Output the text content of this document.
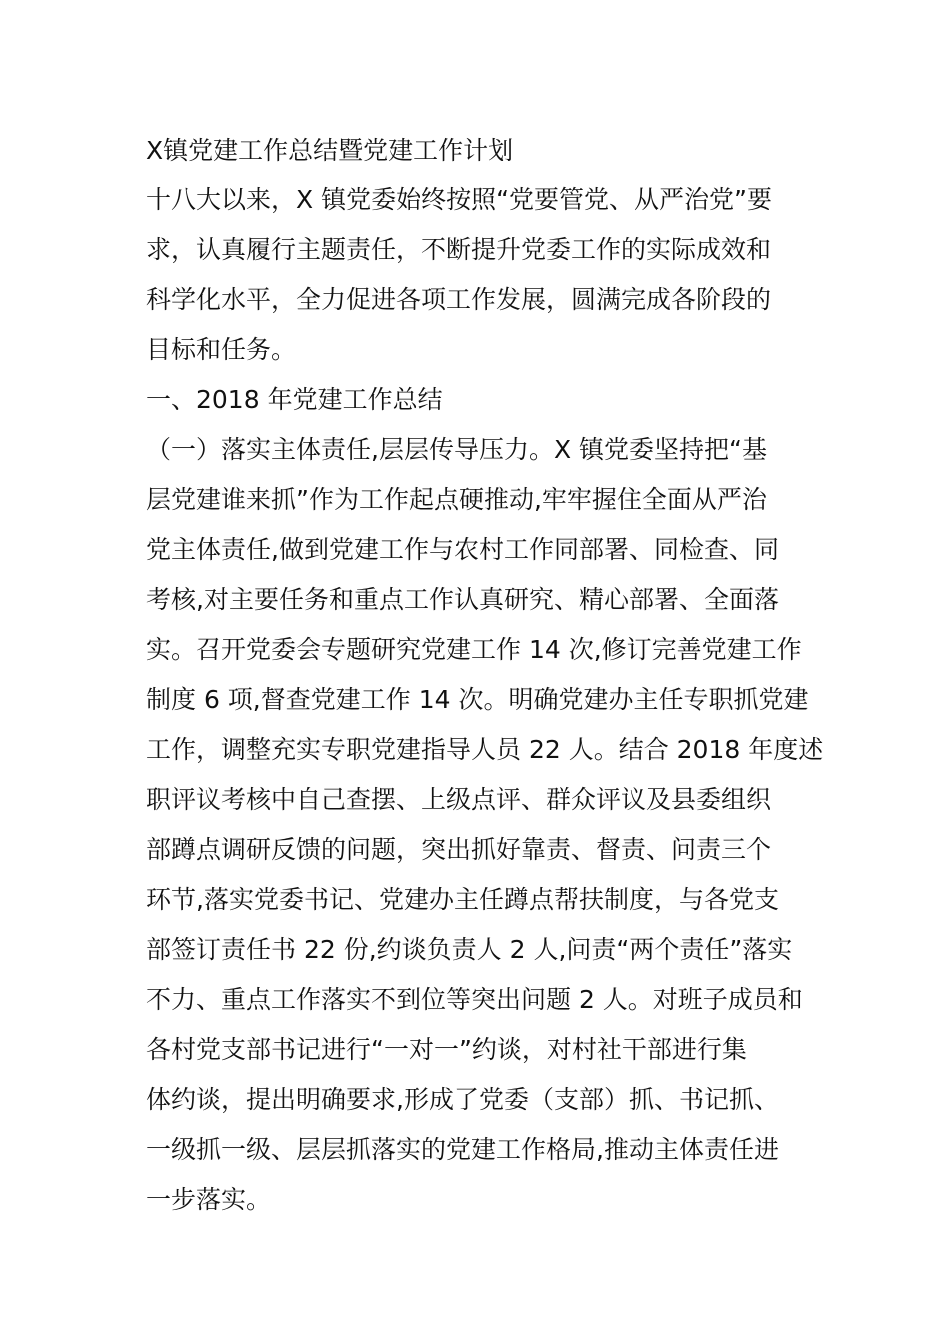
X镇党建工作总结暨党建工作计划
十八大以来，X 镇党委始终按照“党要管党、从严治党”要
求，认真履行主题责任，不断提升党委工作的实际成效和
科学化水平，全力促进各项工作发展，圆满完成各阶段的
目标和任务。
一、2018 年党建工作总结
（一）落实主体责任,层层传导压力。X 镇党委坚持把“基
层党建谁来抓”作为工作起点硬推动,牢牢握住全面从严治
党主体责任,做到党建工作与农村工作同部署、同检查、同
考核,对主要任务和重点工作认真研究、精心部署、全面落
实。召开党委会专题研究党建工作 14 次,修订完善党建工作
制度 6 项,督查党建工作 14 次。明确党建办主任专职抓党建
工作，调整充实专职党建指导人员 22 人。结合 2018 年度述
职评议考核中自己查摆、上级点评、群众评议及县委组织
部蹲点调研反馈的问题，突出抓好靠责、督责、问责三个
环节,落实党委书记、党建办主任蹲点帮扶制度，与各党支
部签订责任书 22 份,约谈负责人 2 人,问责“两个责任”落实
不力、重点工作落实不到位等突出问题 2 人。对班子成员和
各村党支部书记进行“一对一”约谈，对村社干部进行集
体约谈，提出明确要求,形成了党委（支部）抓、书记抓、
一级抓一级、层层抓落实的党建工作格局,推动主体责任进
一步落实。
